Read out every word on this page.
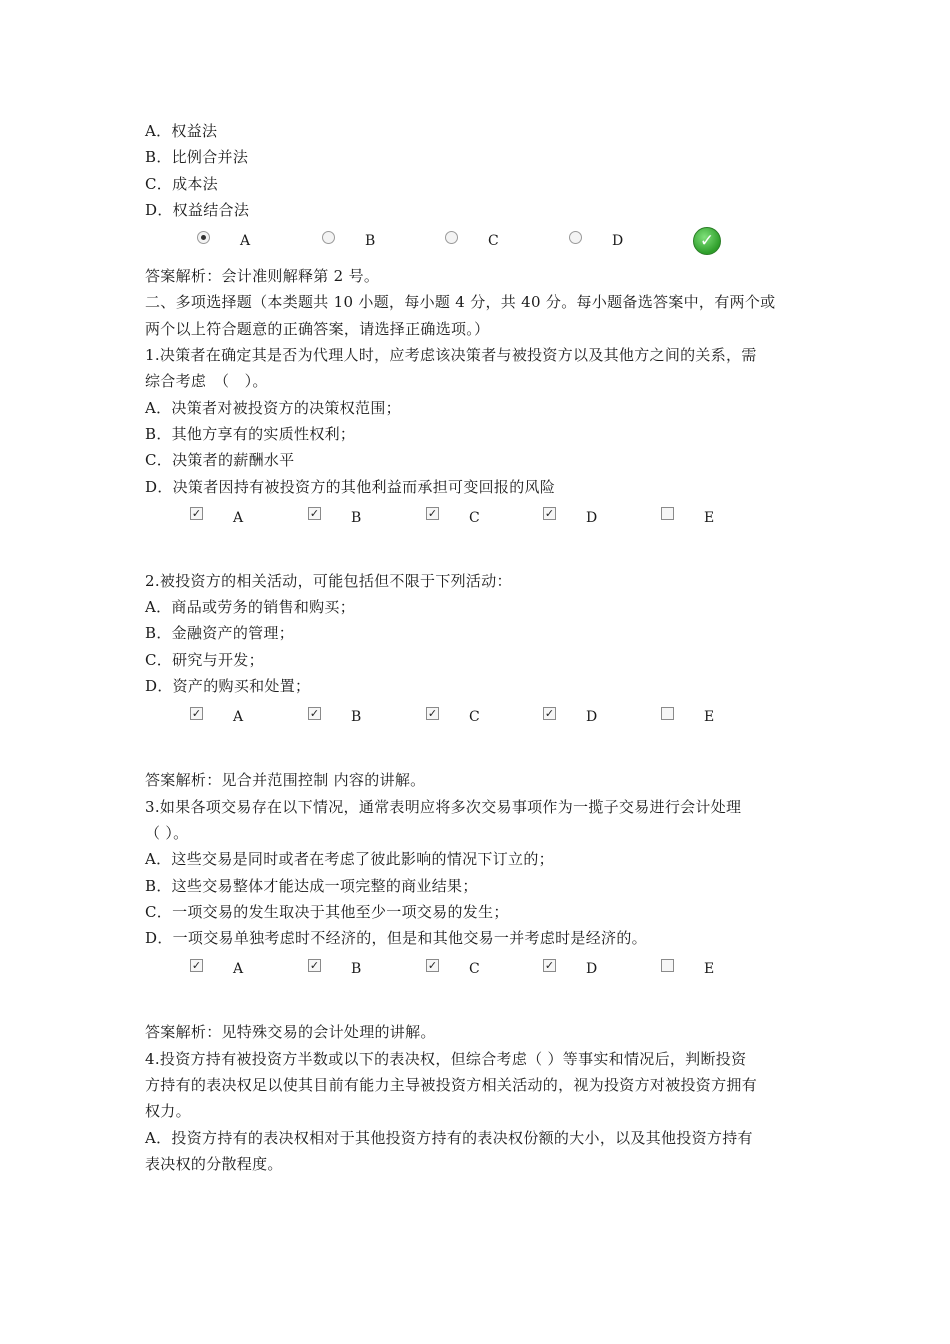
A．权益法
B．比例合并法
C．成本法
D．权益结合法
A	B	C	D	✓
答案解析：会计准则解释第 2 号。
二、多项选择题（本类题共 10 小题，每小题 4 分，共 40 分。每小题备选答案中，有两个或
两个以上符合题意的正确答案，请选择正确选项。）
1.决策者在确定其是否为代理人时，应考虑该决策者与被投资方以及其他方之间的关系，需
综合考虑　（　）。
A．决策者对被投资方的决策权范围；
B．其他方享有的实质性权利；
C．决策者的薪酬水平
D．决策者因持有被投资方的其他利益而承担可变回报的风险
✓ A	✓ B	✓ C	✓ D	E
2.被投资方的相关活动，可能包括但不限于下列活动：
A．商品或劳务的销售和购买；
B．金融资产的管理；
C．研究与开发；
D．资产的购买和处置；
✓ A	✓ B	✓ C	✓ D	E
答案解析：见合并范围控制 内容的讲解。
3.如果各项交易存在以下情况，通常表明应将多次交易事项作为一揽子交易进行会计处理
（ ）。
A．这些交易是同时或者在考虑了彼此影响的情况下订立的；
B．这些交易整体才能达成一项完整的商业结果；
C．一项交易的发生取决于其他至少一项交易的发生；
D．一项交易单独考虑时不经济的，但是和其他交易一并考虑时是经济的。
✓ A	✓ B	✓ C	✓ D	E
答案解析：见特殊交易的会计处理的讲解。
4.投资方持有被投资方半数或以下的表决权，但综合考虑（ ）等事实和情况后，判断投资
方持有的表决权足以使其目前有能力主导被投资方相关活动的，视为投资方对被投资方拥有
权力。
A．投资方持有的表决权相对于其他投资方持有的表决权份额的大小，以及其他投资方持有
表决权的分散程度。
